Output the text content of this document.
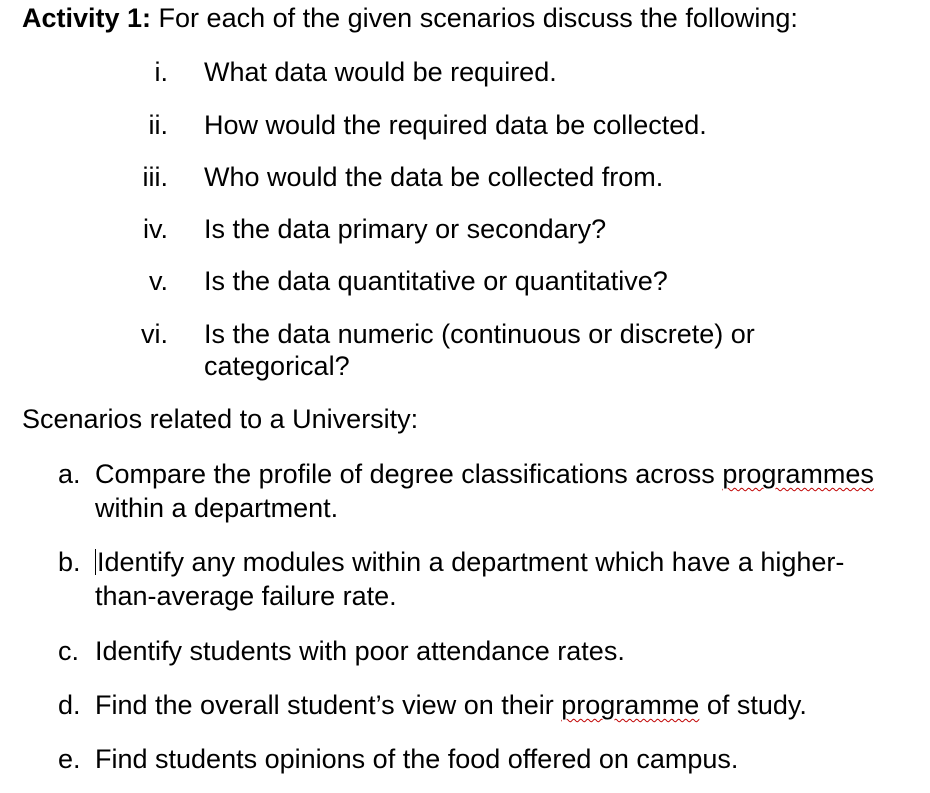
Activity 1: For each of the given scenarios discuss the following:
i. What data would be required.
ii. How would the required data be collected.
iii. Who would the data be collected from.
iv. Is the data primary or secondary?
v. Is the data quantitative or quantitative?
vi. Is the data numeric (continuous or discrete) or categorical?
Scenarios related to a University:
a. Compare the profile of degree classifications across programmes within a department.
b. Identify any modules within a department which have a higher-than-average failure rate.
c. Identify students with poor attendance rates.
d. Find the overall student’s view on their programme of study.
e. Find students opinions of the food offered on campus.
